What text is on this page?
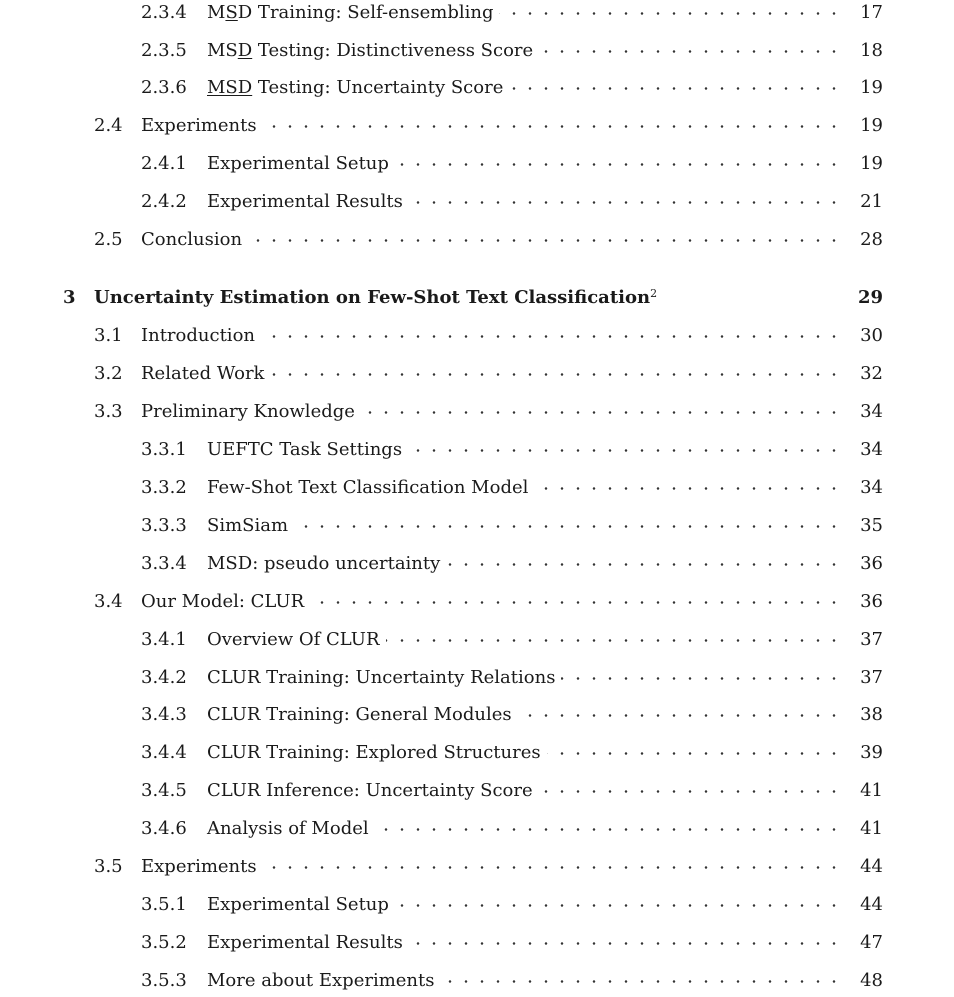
2.3.4 MSD Training: Self-ensembling	17
2.3.5 MSD Testing: Distinctiveness Score	18
2.3.6 MSD Testing: Uncertainty Score	19
2.4 Experiments	19
2.4.1 Experimental Setup	19
2.4.2 Experimental Results	21
2.5 Conclusion	28
3 Uncertainty Estimation on Few-Shot Text Classification$^2$	29
3.1 Introduction	30
3.2 Related Work	32
3.3 Preliminary Knowledge	34
3.3.1 UEFTC Task Settings	34
3.3.2 Few-Shot Text Classification Model	34
3.3.3 SimSiam	35
3.3.4 MSD: pseudo uncertainty	36
3.4 Our Model: CLUR	36
3.4.1 Overview Of CLUR	37
3.4.2 CLUR Training: Uncertainty Relations	37
3.4.3 CLUR Training: General Modules	38
3.4.4 CLUR Training: Explored Structures	39
3.4.5 CLUR Inference: Uncertainty Score	41
3.4.6 Analysis of Model	41
3.5 Experiments	44
3.5.1 Experimental Setup	44
3.5.2 Experimental Results	47
3.5.3 More about Experiments	48
